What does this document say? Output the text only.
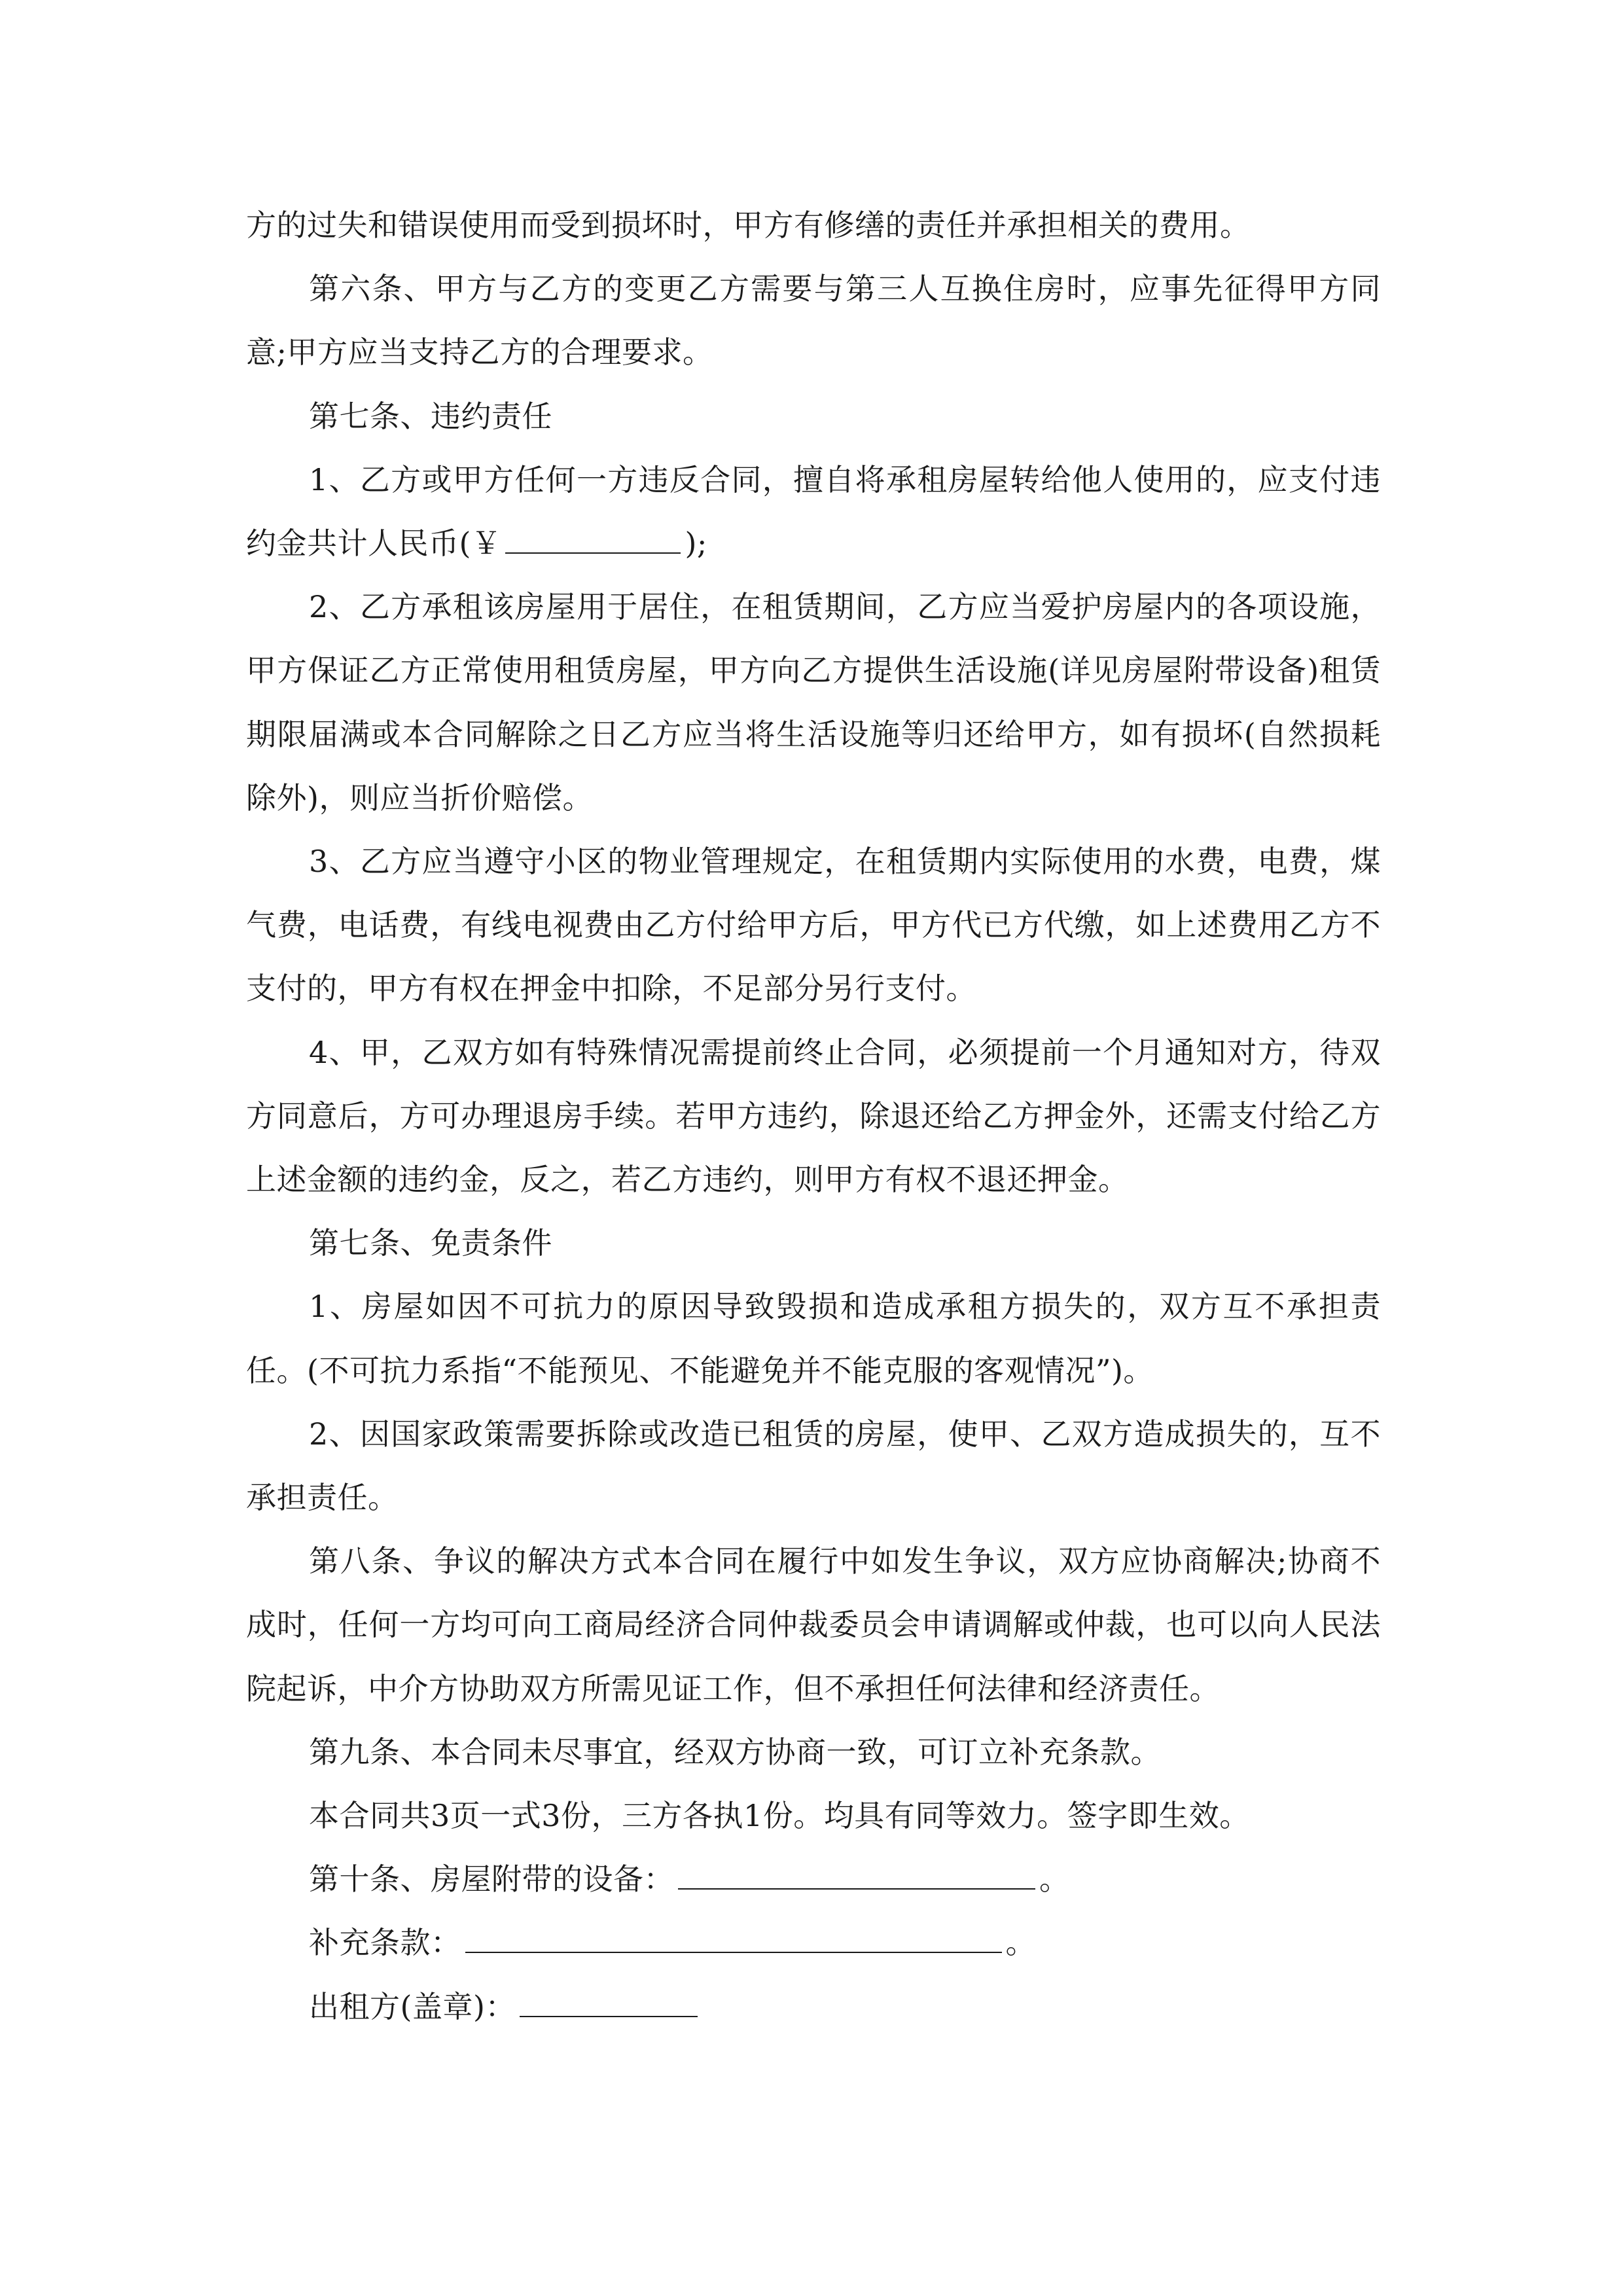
方的过失和错误使用而受到损坏时，甲方有修缮的责任并承担相关的费用。

第六条、甲方与乙方的变更乙方需要与第三人互换住房时，应事先征得甲方同意;甲方应当支持乙方的合理要求。

第七条、违约责任

1、乙方或甲方任何一方违反合同，擅自将承租房屋转给他人使用的，应支付违约金共计人民币(￥	);

2、乙方承租该房屋用于居住，在租赁期间，乙方应当爱护房屋内的各项设施，甲方保证乙方正常使用租赁房屋，甲方向乙方提供生活设施(详见房屋附带设备)租赁期限届满或本合同解除之日乙方应当将生活设施等归还给甲方，如有损坏(自然损耗除外)，则应当折价赔偿。

3、乙方应当遵守小区的物业管理规定，在租赁期内实际使用的水费，电费，煤气费，电话费，有线电视费由乙方付给甲方后，甲方代已方代缴，如上述费用乙方不支付的，甲方有权在押金中扣除，不足部分另行支付。

4、甲，乙双方如有特殊情况需提前终止合同，必须提前一个月通知对方，待双方同意后，方可办理退房手续。若甲方违约，除退还给乙方押金外，还需支付给乙方上述金额的违约金，反之，若乙方违约，则甲方有权不退还押金。

第七条、免责条件

1、房屋如因不可抗力的原因导致毁损和造成承租方损失的，双方互不承担责任。(不可抗力系指“不能预见、不能避免并不能克服的客观情况”)。

2、因国家政策需要拆除或改造已租赁的房屋，使甲、乙双方造成损失的，互不承担责任。

第八条、争议的解决方式本合同在履行中如发生争议，双方应协商解决;协商不成时，任何一方均可向工商局经济合同仲裁委员会申请调解或仲裁，也可以向人民法院起诉，中介方协助双方所需见证工作，但不承担任何法律和经济责任。

第九条、本合同未尽事宜，经双方协商一致，可订立补充条款。

本合同共3页一式3份，三方各执1份。均具有同等效力。签字即生效。

第十条、房屋附带的设备：	。

补充条款：	。

出租方(盖章)：
